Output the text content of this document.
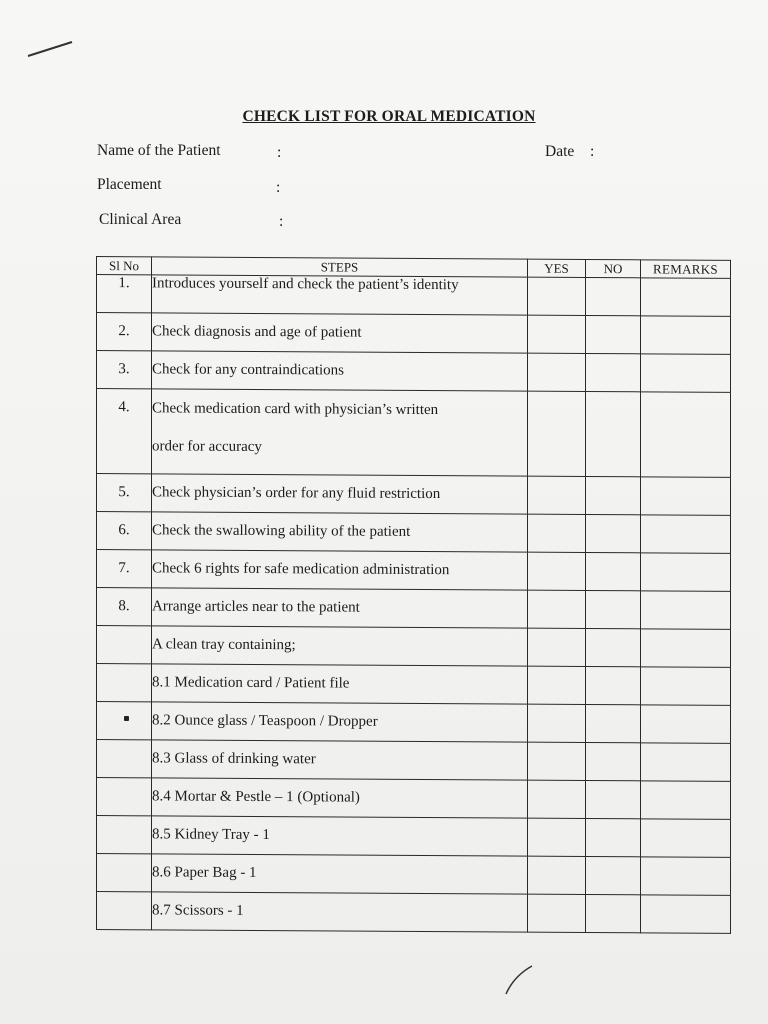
CHECK LIST FOR ORAL MEDICATION
Name of the Patient	:	Date :
Placement	:
Clinical Area	:
Sl No	STEPS	YES	NO	REMARKS
1.	Introduces yourself and check the patient’s identity			
2.	Check diagnosis and age of patient			
3.	Check for any contraindications			
4.	Check medication card with physician’s written
order for accuracy			

5.	Check physician’s order for any fluid restriction			
6.	Check the swallowing ability of the patient			
7.	Check 6 rights for safe medication administration			
8.	Arrange articles near to the patient			
	A clean tray containing;			
	8.1 Medication card / Patient file			
	8.2 Ounce glass / Teaspoon / Dropper			
	8.3 Glass of drinking water			
	8.4 Mortar & Pestle – 1 (Optional)			
	8.5 Kidney Tray - 1			
	8.6 Paper Bag - 1			
	8.7 Scissors - 1			
